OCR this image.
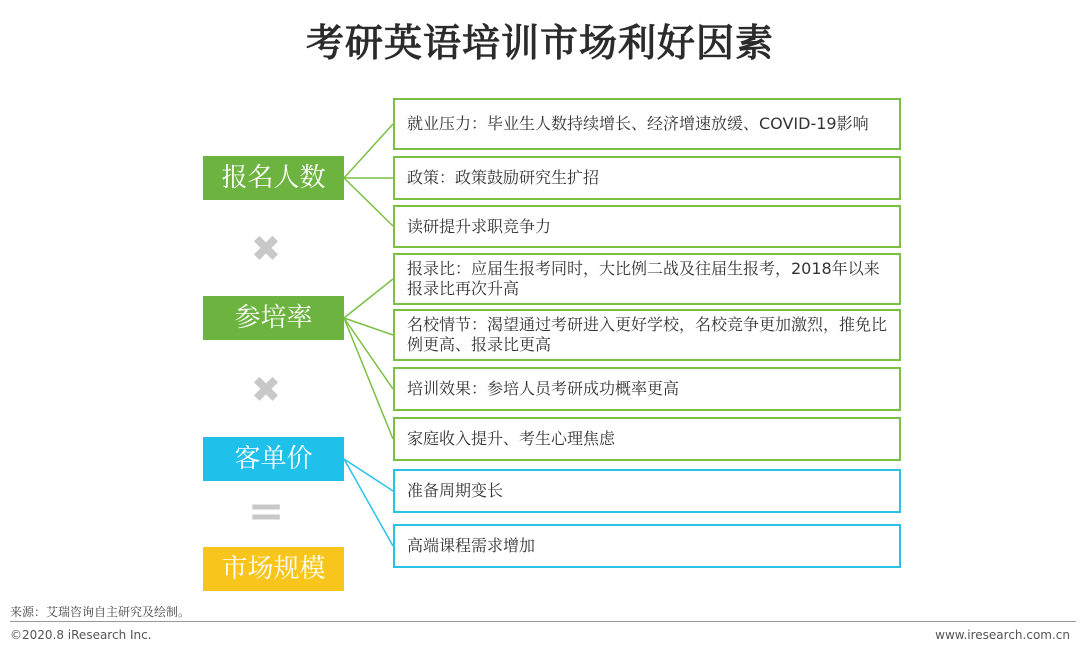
考研英语培训市场利好因素
报名人数
✖
参培率
✖
客单价
=
市场规模
就业压力：毕业生人数持续增长、经济增速放缓、COVID-19影响
政策：政策鼓励研究生扩招
读研提升求职竞争力
报录比：应届生报考同时，大比例二战及往届生报考，2018年以来报录比再次升高
名校情节：渴望通过考研进入更好学校，名校竞争更加激烈，推免比例更高、报录比更高
培训效果：参培人员考研成功概率更高
家庭收入提升、考生心理焦虑
准备周期变长
高端课程需求增加
来源：艾瑞咨询自主研究及绘制。
©2020.8 iResearch Inc.	www.iresearch.com.cn
